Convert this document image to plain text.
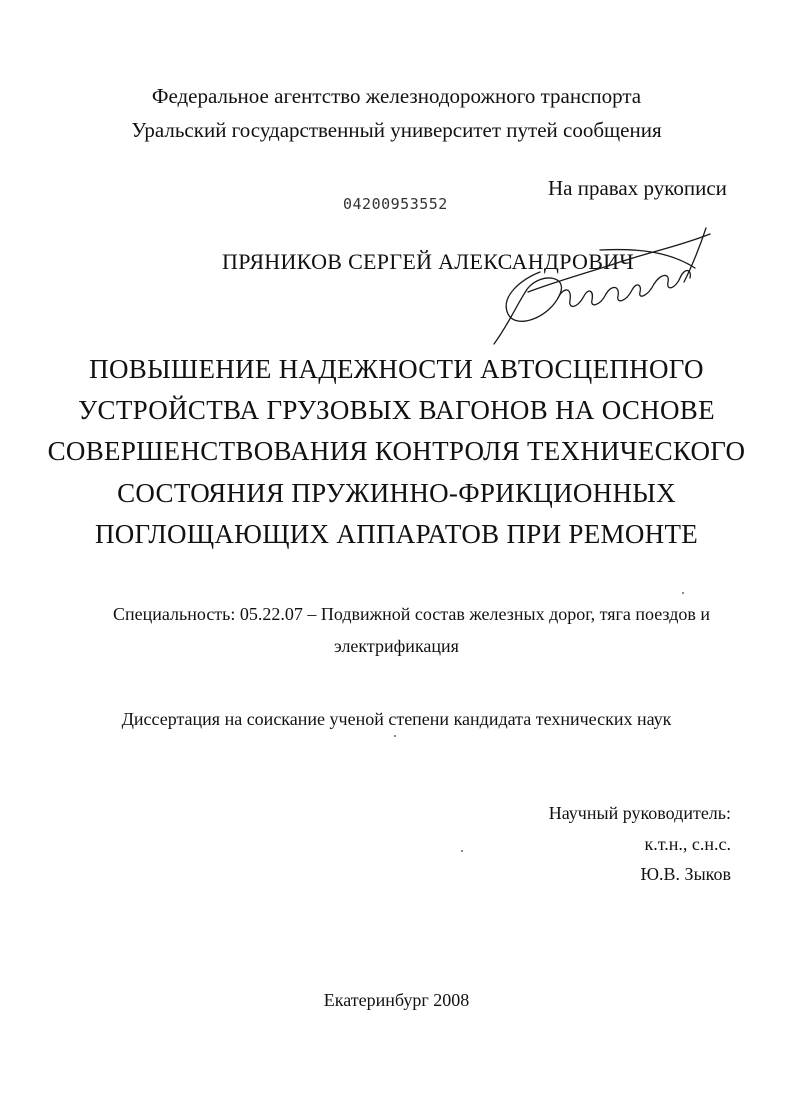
Федеральное агентство железнодорожного транспорта
Уральский государственный университет путей сообщения
На правах рукописи
04200953552
ПРЯНИКОВ СЕРГЕЙ АЛЕКСАНДРОВИЧ
ПОВЫШЕНИЕ НАДЕЖНОСТИ АВТОСЦЕПНОГО
УСТРОЙСТВА ГРУЗОВЫХ ВАГОНОВ НА ОСНОВЕ
СОВЕРШЕНСТВОВАНИЯ КОНТРОЛЯ ТЕХНИЧЕСКОГО
СОСТОЯНИЯ ПРУЖИННО-ФРИКЦИОННЫХ
ПОГЛОЩАЮЩИХ АППАРАТОВ ПРИ РЕМОНТЕ
Специальность: 05.22.07 – Подвижной состав железных дорог, тяга поездов и
электрификация
Диссертация на соискание ученой степени кандидата технических наук
Научный руководитель:
к.т.н., с.н.с.
Ю.В. Зыков
Екатеринбург 2008
